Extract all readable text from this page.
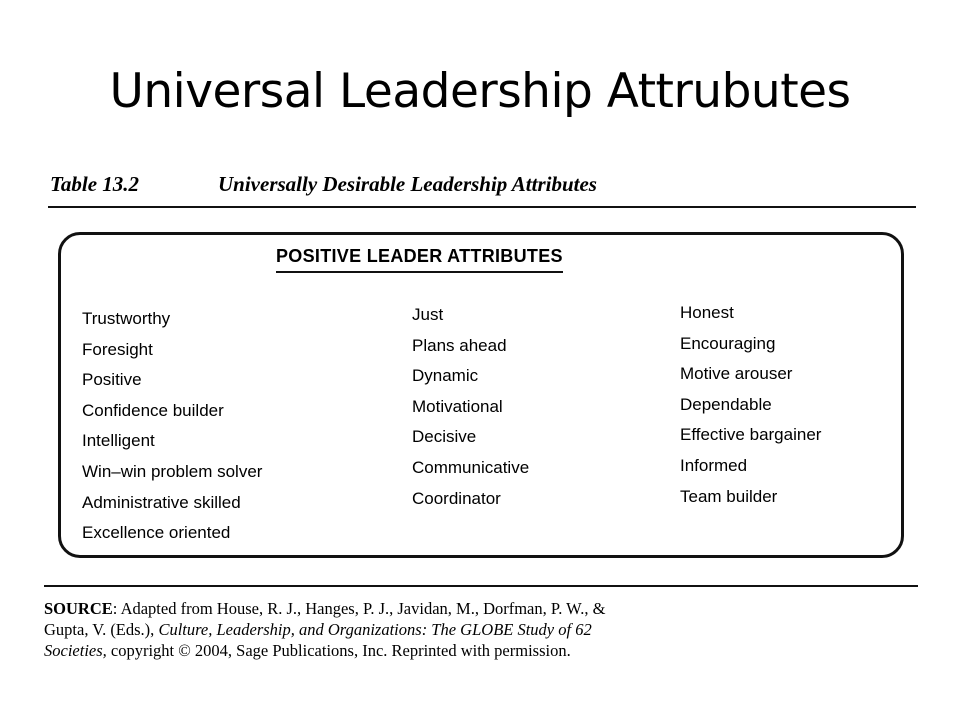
Universal Leadership Attrubutes
Table 13.2	Universally Desirable Leadership Attributes
POSITIVE LEADER ATTRIBUTES
Trustworthy
Foresight
Positive
Confidence builder
Intelligent
Win–win problem solver
Administrative skilled
Excellence oriented
Just
Plans ahead
Dynamic
Motivational
Decisive
Communicative
Coordinator
Honest
Encouraging
Motive arouser
Dependable
Effective bargainer
Informed
Team builder

SOURCE: Adapted from House, R. J., Hanges, P. J., Javidan, M., Dorfman, P. W., &

Gupta, V. (Eds.), Culture, Leadership, and Organizations: The GLOBE Study of 62

Societies, copyright © 2004, Sage Publications, Inc. Reprinted with permission.
